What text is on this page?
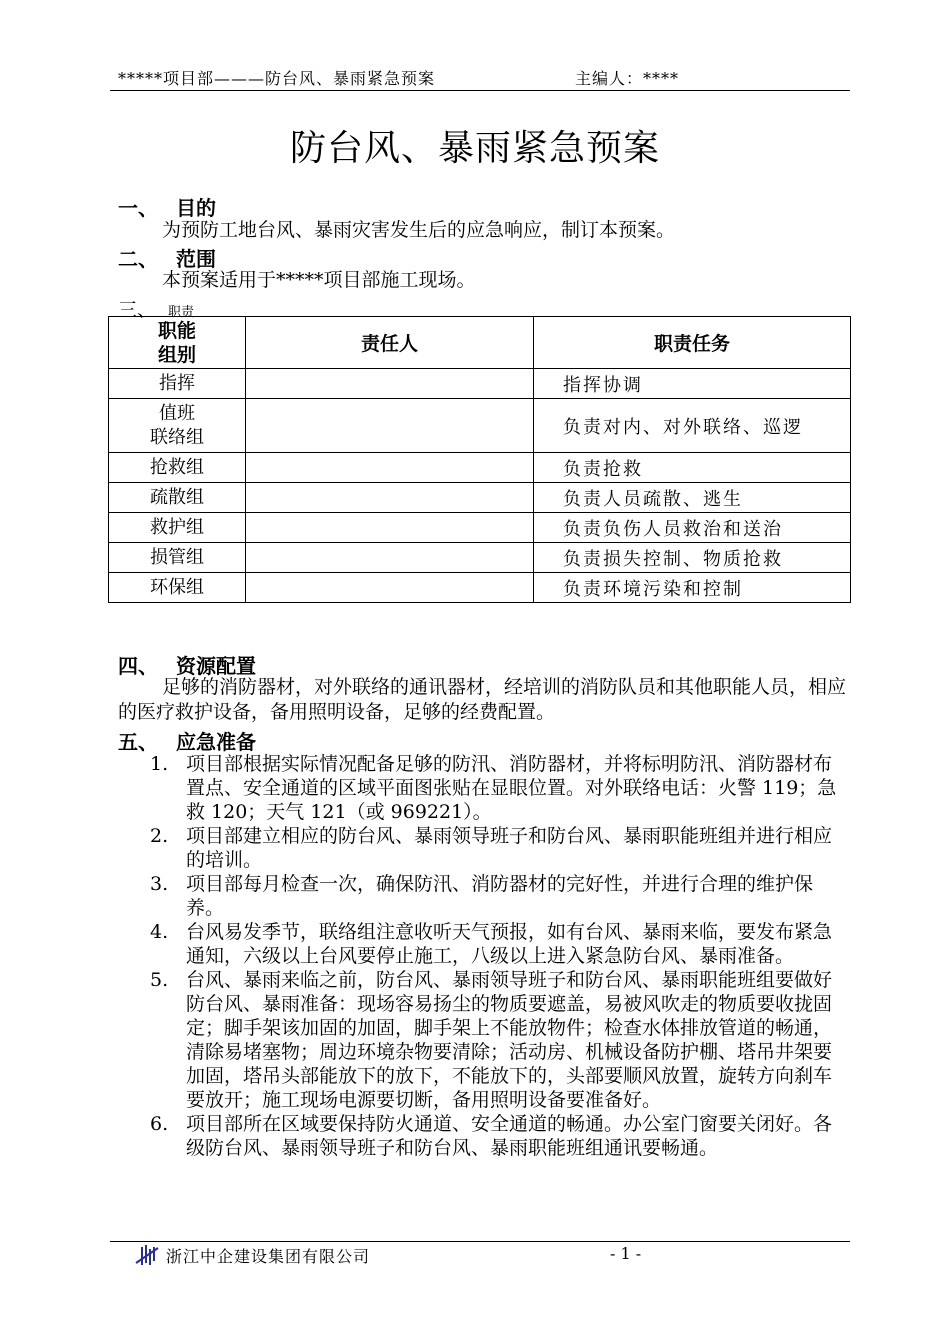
*****项目部———防台风、暴雨紧急预案	主编人：****
防台风、暴雨紧急预案
一、 目的
为预防工地台风、暴雨灾害发生后的应急响应，制订本预案。
二、 范围
本预案适用于*****项目部施工现场。
三、 职责
职能
组别	责任人	职责任务
指挥		指挥协调

值班
联络组		负责对内、对外联络、巡逻
抢救组		负责抢救
疏散组		负责人员疏散、逃生
救护组		负责负伤人员救治和送治
损管组		负责损失控制、物质抢救
环保组		负责环境污染和控制
四、 资源配置
足够的消防器材，对外联络的通讯器材，经培训的消防队员和其他职能人员，相应的医疗救护设备，备用照明设备，足够的经费配置。
五、 应急准备
1. 项目部根据实际情况配备足够的防汛、消防器材，并将标明防汛、消防器材布置点、安全通道的区域平面图张贴在显眼位置。对外联络电话：火警 119；急救 120；天气 121（或 969221）。
2. 项目部建立相应的防台风、暴雨领导班子和防台风、暴雨职能班组并进行相应的培训。
3. 项目部每月检查一次，确保防汛、消防器材的完好性，并进行合理的维护保养。
4. 台风易发季节，联络组注意收听天气预报，如有台风、暴雨来临，要发布紧急通知，六级以上台风要停止施工，八级以上进入紧急防台风、暴雨准备。
5. 台风、暴雨来临之前，防台风、暴雨领导班子和防台风、暴雨职能班组要做好防台风、暴雨准备：现场容易扬尘的物质要遮盖，易被风吹走的物质要收拢固定；脚手架该加固的加固，脚手架上不能放物件；检查水体排放管道的畅通，清除易堵塞物；周边环境杂物要清除；活动房、机械设备防护棚、塔吊井架要加固，塔吊头部能放下的放下，不能放下的，头部要顺风放置，旋转方向刹车要放开；施工现场电源要切断，备用照明设备要准备好。
6. 项目部所在区域要保持防火通道、安全通道的畅通。办公室门窗要关闭好。各级防台风、暴雨领导班子和防台风、暴雨职能班组通讯要畅通。
浙江中企建设集团有限公司	- 1 -
